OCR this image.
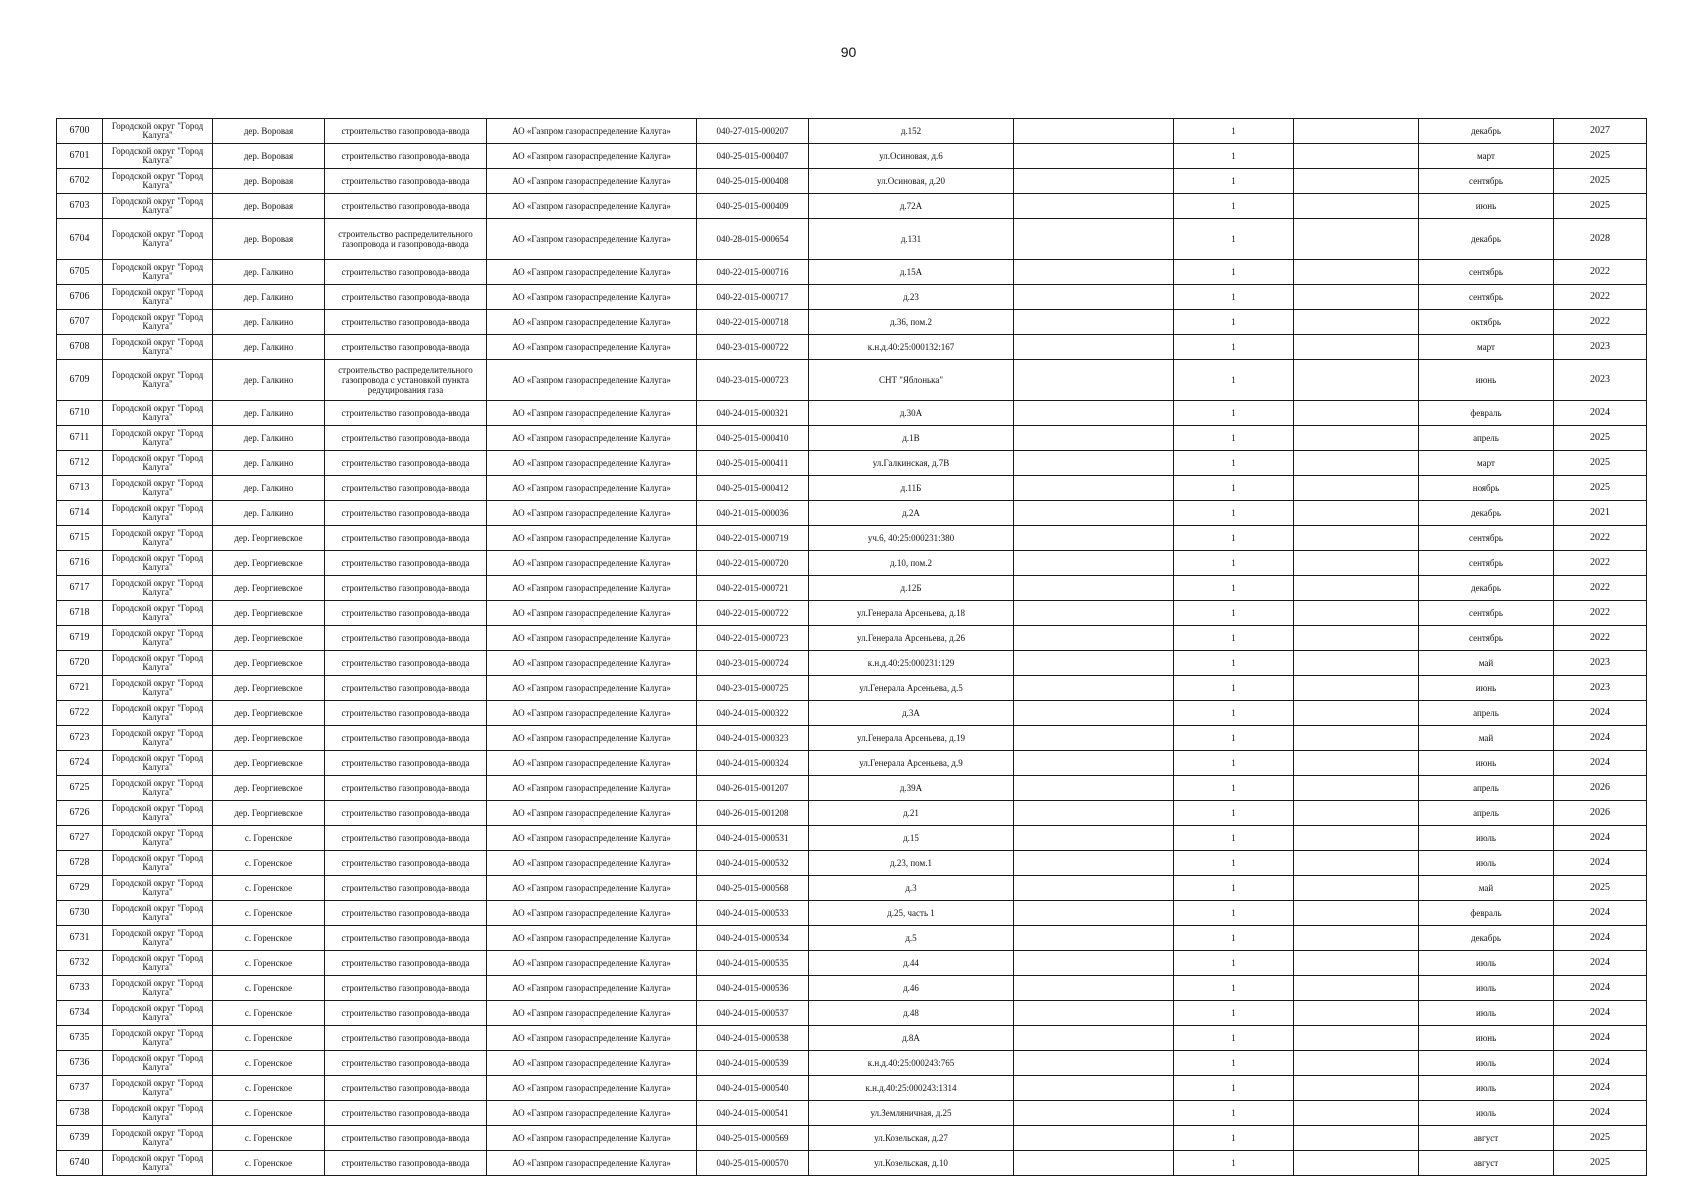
90
6700	Городской округ "Город Калуга"	дер. Воровая	строительство газопровода-ввода	АО «Газпром газораспределение Калуга»	040-27-015-000207	д.152		1		декабрь	2027
6701	Городской округ "Город Калуга"	дер. Воровая	строительство газопровода-ввода	АО «Газпром газораспределение Калуга»	040-25-015-000407	ул.Осиновая, д.6		1		март	2025
6702	Городской округ "Город Калуга"	дер. Воровая	строительство газопровода-ввода	АО «Газпром газораспределение Калуга»	040-25-015-000408	ул.Осиновая, д.20		1		сентябрь	2025
6703	Городской округ "Город Калуга"	дер. Воровая	строительство газопровода-ввода	АО «Газпром газораспределение Калуга»	040-25-015-000409	д.72А		1		июнь	2025
6704	Городской округ "Город Калуга"	дер. Воровая	строительство распределительного газопровода и газопровода-ввода	АО «Газпром газораспределение Калуга»	040-28-015-000654	д.131		1		декабрь	2028
6705	Городской округ "Город Калуга"	дер. Галкино	строительство газопровода-ввода	АО «Газпром газораспределение Калуга»	040-22-015-000716	д.15А		1		сентябрь	2022
6706	Городской округ "Город Калуга"	дер. Галкино	строительство газопровода-ввода	АО «Газпром газораспределение Калуга»	040-22-015-000717	д.23		1		сентябрь	2022
6707	Городской округ "Город Калуга"	дер. Галкино	строительство газопровода-ввода	АО «Газпром газораспределение Калуга»	040-22-015-000718	д.36, пом.2		1		октябрь	2022
6708	Городской округ "Город Калуга"	дер. Галкино	строительство газопровода-ввода	АО «Газпром газораспределение Калуга»	040-23-015-000722	к.н.д.40:25:000132:167		1		март	2023
6709	Городской округ "Город Калуга"	дер. Галкино	строительство распределительного газопровода с установкой пункта редуцирования газа	АО «Газпром газораспределение Калуга»	040-23-015-000723	СНТ "Яблонька"		1		июнь	2023
6710	Городской округ "Город Калуга"	дер. Галкино	строительство газопровода-ввода	АО «Газпром газораспределение Калуга»	040-24-015-000321	д.30А		1		февраль	2024
6711	Городской округ "Город Калуга"	дер. Галкино	строительство газопровода-ввода	АО «Газпром газораспределение Калуга»	040-25-015-000410	д.1В		1		апрель	2025
6712	Городской округ "Город Калуга"	дер. Галкино	строительство газопровода-ввода	АО «Газпром газораспределение Калуга»	040-25-015-000411	ул.Галкинская, д.7В		1		март	2025
6713	Городской округ "Город Калуга"	дер. Галкино	строительство газопровода-ввода	АО «Газпром газораспределение Калуга»	040-25-015-000412	д.11Б		1		ноябрь	2025
6714	Городской округ "Город Калуга"	дер. Галкино	строительство газопровода-ввода	АО «Газпром газораспределение Калуга»	040-21-015-000036	д.2А		1		декабрь	2021
6715	Городской округ "Город Калуга"	дер. Георгиевское	строительство газопровода-ввода	АО «Газпром газораспределение Калуга»	040-22-015-000719	уч.6, 40:25:000231:380		1		сентябрь	2022
6716	Городской округ "Город Калуга"	дер. Георгиевское	строительство газопровода-ввода	АО «Газпром газораспределение Калуга»	040-22-015-000720	д.10, пом.2		1		сентябрь	2022
6717	Городской округ "Город Калуга"	дер. Георгиевское	строительство газопровода-ввода	АО «Газпром газораспределение Калуга»	040-22-015-000721	д.12Б		1		декабрь	2022
6718	Городской округ "Город Калуга"	дер. Георгиевское	строительство газопровода-ввода	АО «Газпром газораспределение Калуга»	040-22-015-000722	ул.Генерала Арсеньева, д.18		1		сентябрь	2022
6719	Городской округ "Город Калуга"	дер. Георгиевское	строительство газопровода-ввода	АО «Газпром газораспределение Калуга»	040-22-015-000723	ул.Генерала Арсеньева, д.26		1		сентябрь	2022
6720	Городской округ "Город Калуга"	дер. Георгиевское	строительство газопровода-ввода	АО «Газпром газораспределение Калуга»	040-23-015-000724	к.н.д.40:25:000231:129		1		май	2023
6721	Городской округ "Город Калуга"	дер. Георгиевское	строительство газопровода-ввода	АО «Газпром газораспределение Калуга»	040-23-015-000725	ул.Генерала Арсеньева, д.5		1		июнь	2023
6722	Городской округ "Город Калуга"	дер. Георгиевское	строительство газопровода-ввода	АО «Газпром газораспределение Калуга»	040-24-015-000322	д.3А		1		апрель	2024
6723	Городской округ "Город Калуга"	дер. Георгиевское	строительство газопровода-ввода	АО «Газпром газораспределение Калуга»	040-24-015-000323	ул.Генерала Арсеньева, д.19		1		май	2024
6724	Городской округ "Город Калуга"	дер. Георгиевское	строительство газопровода-ввода	АО «Газпром газораспределение Калуга»	040-24-015-000324	ул.Генерала Арсеньева, д.9		1		июнь	2024
6725	Городской округ "Город Калуга"	дер. Георгиевское	строительство газопровода-ввода	АО «Газпром газораспределение Калуга»	040-26-015-001207	д.39А		1		апрель	2026
6726	Городской округ "Город Калуга"	дер. Георгиевское	строительство газопровода-ввода	АО «Газпром газораспределение Калуга»	040-26-015-001208	д.21		1		апрель	2026
6727	Городской округ "Город Калуга"	с. Горенское	строительство газопровода-ввода	АО «Газпром газораспределение Калуга»	040-24-015-000531	д.15		1		июль	2024
6728	Городской округ "Город Калуга"	с. Горенское	строительство газопровода-ввода	АО «Газпром газораспределение Калуга»	040-24-015-000532	д.23, пом.1		1		июль	2024
6729	Городской округ "Город Калуга"	с. Горенское	строительство газопровода-ввода	АО «Газпром газораспределение Калуга»	040-25-015-000568	д.3		1		май	2025
6730	Городской округ "Город Калуга"	с. Горенское	строительство газопровода-ввода	АО «Газпром газораспределение Калуга»	040-24-015-000533	д.25, часть 1		1		февраль	2024
6731	Городской округ "Город Калуга"	с. Горенское	строительство газопровода-ввода	АО «Газпром газораспределение Калуга»	040-24-015-000534	д.5		1		декабрь	2024
6732	Городской округ "Город Калуга"	с. Горенское	строительство газопровода-ввода	АО «Газпром газораспределение Калуга»	040-24-015-000535	д.44		1		июль	2024
6733	Городской округ "Город Калуга"	с. Горенское	строительство газопровода-ввода	АО «Газпром газораспределение Калуга»	040-24-015-000536	д.46		1		июль	2024
6734	Городской округ "Город Калуга"	с. Горенское	строительство газопровода-ввода	АО «Газпром газораспределение Калуга»	040-24-015-000537	д.48		1		июль	2024
6735	Городской округ "Город Калуга"	с. Горенское	строительство газопровода-ввода	АО «Газпром газораспределение Калуга»	040-24-015-000538	д.8А		1		июнь	2024
6736	Городской округ "Город Калуга"	с. Горенское	строительство газопровода-ввода	АО «Газпром газораспределение Калуга»	040-24-015-000539	к.н.д.40:25:000243:765		1		июль	2024
6737	Городской округ "Город Калуга"	с. Горенское	строительство газопровода-ввода	АО «Газпром газораспределение Калуга»	040-24-015-000540	к.н.д.40:25:000243:1314		1		июль	2024
6738	Городской округ "Город Калуга"	с. Горенское	строительство газопровода-ввода	АО «Газпром газораспределение Калуга»	040-24-015-000541	ул.Земляничная, д.25		1		июль	2024
6739	Городской округ "Город Калуга"	с. Горенское	строительство газопровода-ввода	АО «Газпром газораспределение Калуга»	040-25-015-000569	ул.Козельская, д.27		1		август	2025
6740	Городской округ "Город Калуга"	с. Горенское	строительство газопровода-ввода	АО «Газпром газораспределение Калуга»	040-25-015-000570	ул.Козельская, д.10		1		август	2025
